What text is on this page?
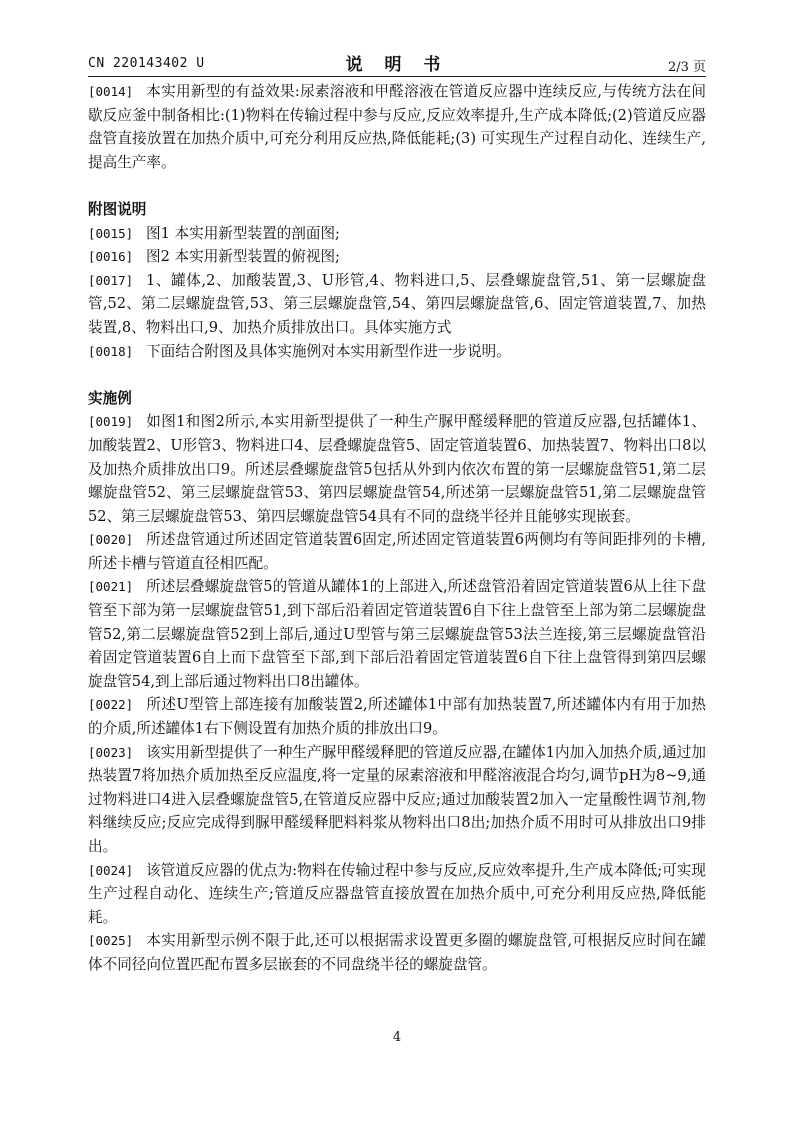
CN 220143402 U	说 明 书	2/3 页

[0014] 本实用新型的有益效果:尿素溶液和甲醛溶液在管道反应器中连续反应,与传统方法在间歇反应釜中制备相比:(1)物料在传输过程中参与反应,反应效率提升,生产成本降低;(2)管道反应器盘管直接放置在加热介质中,可充分利用反应热,降低能耗;(3) 可实现生产过程自动化、连续生产,提高生产率。

附图说明

[0015] 图1 本实用新型装置的剖面图;

[0016] 图2 本实用新型装置的俯视图;

[0017] 1、罐体,2、加酸装置,3、U形管,4、物料进口,5、层叠螺旋盘管,51、第一层螺旋盘管,52、第二层螺旋盘管,53、第三层螺旋盘管,54、第四层螺旋盘管,6、固定管道装置,7、加热装置,8、物料出口,9、加热介质排放出口。具体实施方式

[0018] 下面结合附图及具体实施例对本实用新型作进一步说明。

实施例

[0019] 如图1和图2所示,本实用新型提供了一种生产脲甲醛缓释肥的管道反应器,包括罐体1、加酸装置2、U形管3、物料进口4、层叠螺旋盘管5、固定管道装置6、加热装置7、物料出口8以及加热介质排放出口9。所述层叠螺旋盘管5包括从外到内依次布置的第一层螺旋盘管51,第二层螺旋盘管52、第三层螺旋盘管53、第四层螺旋盘管54,所述第一层螺旋盘管51,第二层螺旋盘管52、第三层螺旋盘管53、第四层螺旋盘管54具有不同的盘绕半径并且能够实现嵌套。

[0020] 所述盘管通过所述固定管道装置6固定,所述固定管道装置6两侧均有等间距排列的卡槽,所述卡槽与管道直径相匹配。

[0021] 所述层叠螺旋盘管5的管道从罐体1的上部进入,所述盘管沿着固定管道装置6从上往下盘管至下部为第一层螺旋盘管51,到下部后沿着固定管道装置6自下往上盘管至上部为第二层螺旋盘管52,第二层螺旋盘管52到上部后,通过U型管与第三层螺旋盘管53法兰连接,第三层螺旋盘管沿着固定管道装置6自上而下盘管至下部,到下部后沿着固定管道装置6自下往上盘管得到第四层螺旋盘管54,到上部后通过物料出口8出罐体。

[0022] 所述U型管上部连接有加酸装置2,所述罐体1中部有加热装置7,所述罐体内有用于加热的介质,所述罐体1右下侧设置有加热介质的排放出口9。

[0023] 该实用新型提供了一种生产脲甲醛缓释肥的管道反应器,在罐体1内加入加热介质,通过加热装置7将加热介质加热至反应温度,将一定量的尿素溶液和甲醛溶液混合均匀,调节pH为8~9,通过物料进口4进入层叠螺旋盘管5,在管道反应器中反应;通过加酸装置2加入一定量酸性调节剂,物料继续反应;反应完成得到脲甲醛缓释肥料料浆从物料出口8出;加热介质不用时可从排放出口9排出。

[0024] 该管道反应器的优点为:物料在传输过程中参与反应,反应效率提升,生产成本降低;可实现生产过程自动化、连续生产;管道反应器盘管直接放置在加热介质中,可充分利用反应热,降低能耗。

[0025] 本实用新型示例不限于此,还可以根据需求设置更多圈的螺旋盘管,可根据反应时间在罐体不同径向位置匹配布置多层嵌套的不同盘绕半径的螺旋盘管。

4
